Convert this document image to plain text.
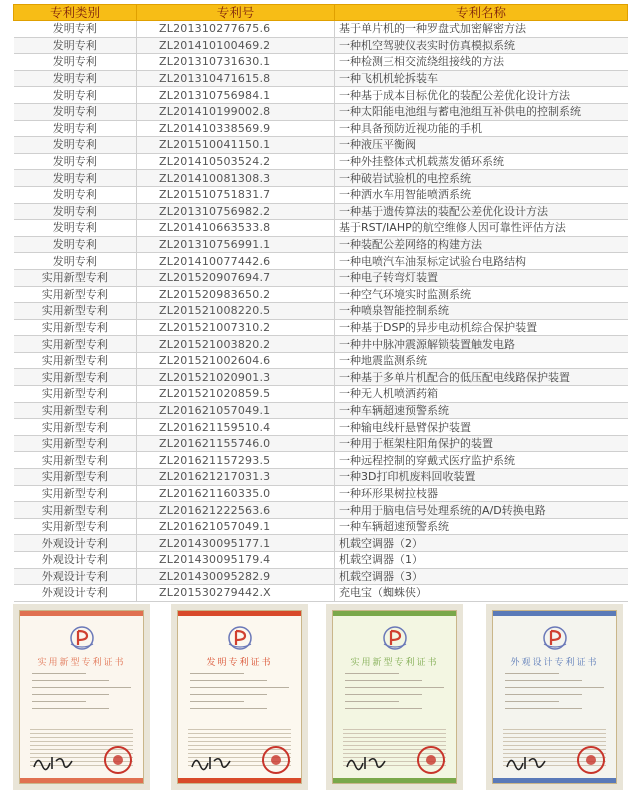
专利类别	专利号	专利名称
发明专利	ZL201310277675.6	基于单片机的一种罗盘式加密解密方法
发明专利	ZL201410100469.2	一种机空驾驶仪表实时仿真模拟系统
发明专利	ZL201310731630.1	一种检测三相交流绕组接线的方法
发明专利	ZL201310471615.8	一种飞机机轮拆装车
发明专利	ZL201310756984.1	一种基于成本目标优化的装配公差优化设计方法
发明专利	ZL201410199002.8	一种太阳能电池组与蓄电池组互补供电的控制系统
发明专利	ZL201410338569.9	一种具备预防近视功能的手机
发明专利	ZL201510041150.1	一种液压平衡阀
发明专利	ZL201410503524.2	一种外挂整体式机载蒸发循环系统
发明专利	ZL201410081308.3	一种破岩试验机的电控系统
发明专利	ZL201510751831.7	一种洒水车用智能喷洒系统
发明专利	ZL201310756982.2	一种基于遗传算法的装配公差优化设计方法
发明专利	ZL201410663533.8	基于RST/IAHP的航空维修人因可靠性评估方法
发明专利	ZL201310756991.1	一种装配公差网络的构建方法
发明专利	ZL201410077442.6	一种电喷汽车油泵标定试验台电路结构
实用新型专利	ZL201520907694.7	一种电子转弯灯装置
实用新型专利	ZL201520983650.2	一种空气环境实时监测系统
实用新型专利	ZL201521008220.5	一种喷泉智能控制系统
实用新型专利	ZL201521007310.2	一种基于DSP的异步电动机综合保护装置
实用新型专利	ZL201521003820.2	一种井中脉冲震源解锁装置触发电路
实用新型专利	ZL201521002604.6	一种地震监测系统
实用新型专利	ZL201521020901.3	一种基于多单片机配合的低压配电线路保护装置
实用新型专利	ZL201521020859.5	一种无人机喷洒药箱
实用新型专利	ZL201621057049.1	一种车辆超速预警系统
实用新型专利	ZL201621159510.4	一种输电线杆悬臂保护装置
实用新型专利	ZL201621155746.0	一种用于框架柱阳角保护的装置
实用新型专利	ZL201621157293.5	一种远程控制的穿戴式医疗监护系统
实用新型专利	ZL201621217031.3	一种3D打印机废料回收装置
实用新型专利	ZL201621160335.0	一种环形果树拉枝器
实用新型专利	ZL201621222563.6	一种用于脑电信号处理系统的A/D转换电路
实用新型专利	ZL201621057049.1	一种车辆超速预警系统
外观设计专利	ZL201430095177.1	机载空调器（2）
外观设计专利	ZL201430095179.4	机载空调器（1）
外观设计专利	ZL201430095282.9	机载空调器（3）
外观设计专利	ZL201530279442.X	充电宝（蜘蛛侠）
实用新型专利证书	发明专利证书	实用新型专利证书	外观设计专利证书
